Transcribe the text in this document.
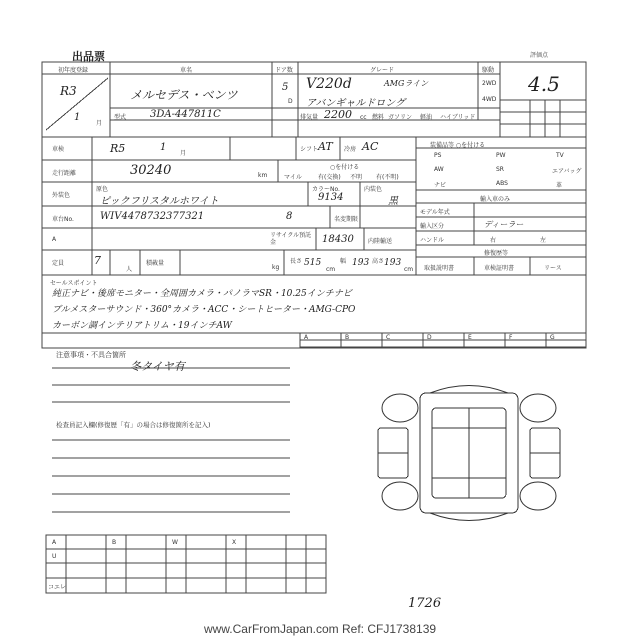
出品票	評価点
4.5
初年度登録
R3
1
月
車名
メルセデス・ベンツ
ドア数
5
D
グレード
V220d	AMGライン
アバンギャルドロング
駆動
2WD
4WD
型式 3DA-447811C	排気量 2200 cc 燃料 ガソリン 軽油 ハイブリッド
車検	R5	1
月
シフト AT 冷房 AC
走行距離	30240	km
○を付ける
マイル	有(交換) 不明 有(不明)
外装色
原色
ピックフリスタルホワイト
カラーNo.
9134
内装色
黒
車台No.	WIV4478732377321	8	名変期限
A
リサイクル預託金	18430 内陸輸送
定員	7
人
積載量
kg
長さ 515
cm
幅 193 高さ 193
cm
装備品等 ○を付ける
PS	PW	TV
AW	SR	エアバッグ
ナビ	ABS	革
輸入車のみ
モデル年式
輸入区分	ディーラー
ハンドル	右	左
修復歴等
取扱説明書	車検証明書	リース
セールスポイント
純正ナビ・後席モニター・全周囲カメラ・パノラマSR・10.25インチナビ
ブルメスターサウンド・360°カメラ・ACC・シートヒーター・AMG-CPO
カーボン調インテリアトリム・19インチAW
A	B	C	D	E	F	G
注意事項・不具合箇所
冬タイヤ有
检查員記入欄(修復歴「有」の場合は修復箇所を記入)
A
U
B	W	X
コエレ
1726
www.CarFromJapan.com Ref: CFJ1738139
